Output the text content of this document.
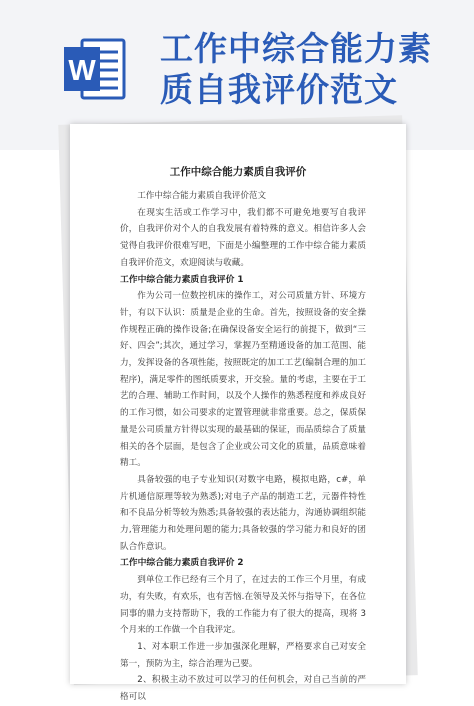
W
工作中综合能力素
质自我评价范文
工作中综合能力素质自我评价

工作中综合能力素质自我评价范文

在现实生活或工作学习中，我们都不可避免地要写自我评价，自我评价对个人的自我发展有着特殊的意义。相信许多人会觉得自我评价很难写吧，下面是小编整理的工作中综合能力素质自我评价范文，欢迎阅读与收藏。

工作中综合能力素质自我评价 1

作为公司一位数控机床的操作工，对公司质量方针、环境方针，有以下认识：质量是企业的生命。首先，按照设备的安全操作规程正确的操作设备;在确保设备安全运行的前提下，做到“三好、四会”;其次，通过学习，掌握乃至精通设备的加工范围、能力，发挥设备的各项性能，按照既定的加工工艺(编制合理的加工程序)，满足零件的图纸质要求，开交验。量的考虑，主要在于工艺的合理、辅助工作时间，以及个人操作的熟悉程度和养成良好的工作习惯，如公司要求的定置管理就非常重要。总之，保质保量是公司质量方针得以实现的最基础的保证，而品质综合了质量相关的各个层面，是包含了企业或公司文化的质量，品质意味着精工。

具备较强的电子专业知识(对数字电路，模拟电路，c#，单片机通信原理等较为熟悉);对电子产品的制造工艺，元器件特性和不良品分析等较为熟悉;具备较强的表达能力，沟通协调组织能力,管理能力和处理问题的能力;具备较强的学习能力和良好的团队合作意识。

工作中综合能力素质自我评价 2

到单位工作已经有三个月了，在过去的工作三个月里，有成功，有失败，有欢乐，也有苦恼.在领导及关怀与指导下，在各位同事的鼎力支持帮助下，我的工作能力有了很大的提高，现将 3 个月来的工作做一个自我评定。

1、对本职工作进一步加强深化理解，严格要求自己对安全第一，预防为主，综合治理为己要。

2、积极主动不放过可以学习的任何机会，对自己当前的严格可以
